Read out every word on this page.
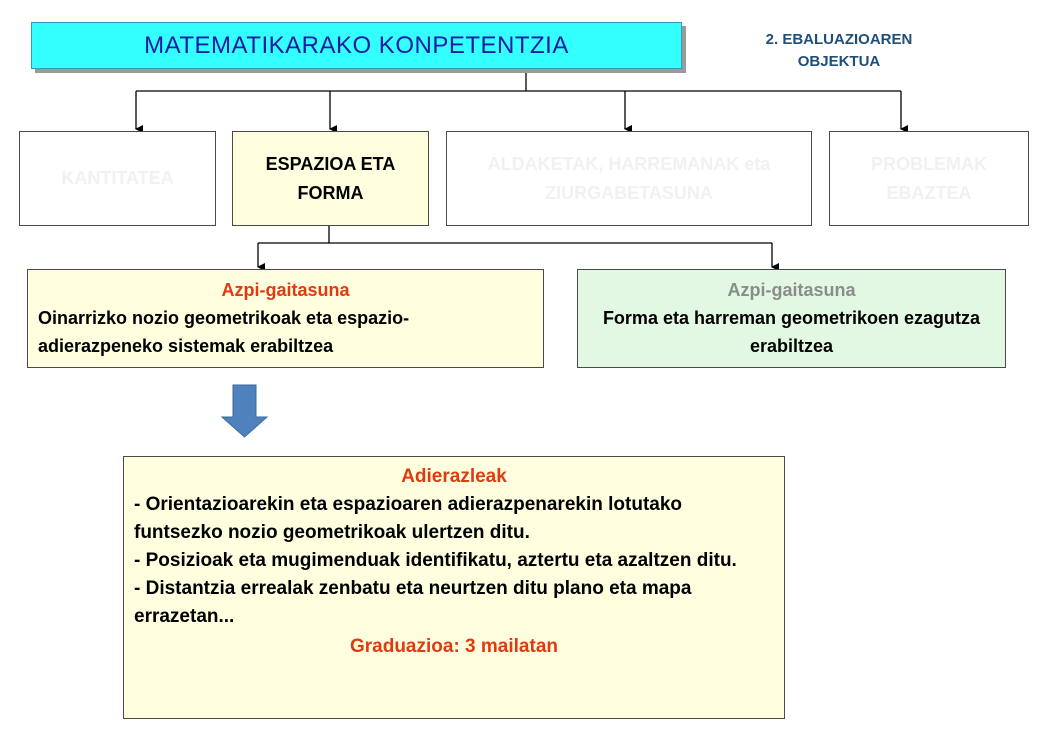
MATEMATIKARAKO KONPETENTZIA	2. EBALUAZIOAREN OBJEKTUA
KANTITATEA
ESPAZIOA ETA FORMA
ALDAKETAK, HARREMANAK eta ZIURGABETASUNA
PROBLEMAK EBAZTEA
Azpi-gaitasuna
Oinarrizko nozio geometrikoak eta espazio-adierazpeneko sistemak erabiltzea
Azpi-gaitasuna
Forma eta harreman geometrikoen ezagutza erabiltzea
Adierazleak
- Orientazioarekin eta espazioaren adierazpenarekin lotutako funtsezko nozio geometrikoak ulertzen ditu.
- Posizioak eta mugimenduak identifikatu, aztertu eta azaltzen ditu.
- Distantzia errealak zenbatu eta neurtzen ditu plano eta mapa errazetan...
Graduazioa: 3 mailatan
